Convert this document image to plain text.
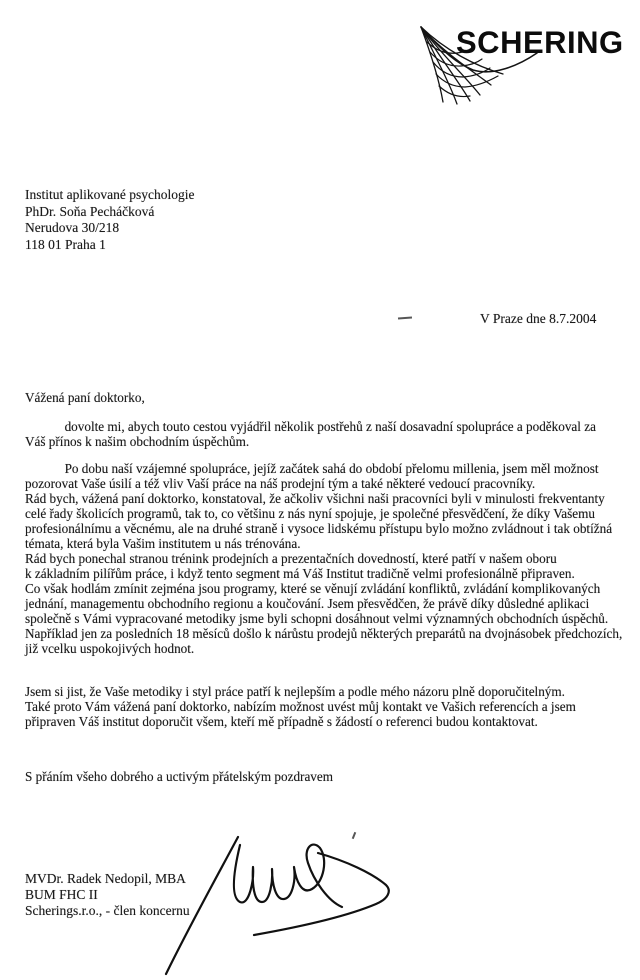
SCHERING
Institut aplikované psychologie
PhDr. Soňa Pecháčková
Nerudova 30/218
118 01 Praha 1
V Praze dne 8.7.2004
Vážená paní doktorko,
dovolte mi, abych touto cestou vyjádřil několik postřehů z naší dosavadní spolupráce a poděkoval za
Váš přínos k našim obchodním úspěchům.
Po dobu naší vzájemné spolupráce, jejíž začátek sahá do období přelomu millenia, jsem měl možnost
pozorovat Vaše úsilí a též vliv Vaší práce na náš prodejní tým a také některé vedoucí pracovníky.
Rád bych, vážená paní doktorko, konstatoval, že ačkoliv všichni naši pracovníci byli v minulosti frekventanty
celé řady školicích programů, tak to, co většinu z nás nyní spojuje, je společné přesvědčení, že díky Vašemu
profesionálnímu a věcnému, ale na druhé straně i vysoce lidskému přístupu bylo možno zvládnout i tak obtížná
témata, která byla Vašim institutem u nás trénována.
Rád bych ponechal stranou trénink prodejních a prezentačních dovedností, které patří v našem oboru
k základním pilířům práce, i když tento segment má Váš Institut tradičně velmi profesionálně připraven.
Co však hodlám zmínit zejména jsou programy, které se věnují zvládání konfliktů, zvládání komplikovaných
jednání, managementu obchodního regionu a koučování. Jsem přesvědčen, že právě díky důsledné aplikaci
společně s Vámi vypracované metodiky jsme byli schopni dosáhnout velmi významných obchodních úspěchů.
Například jen za posledních 18 měsíců došlo k nárůstu prodejů některých preparátů na dvojnásobek předchozích,
již vcelku uspokojivých hodnot.
Jsem si jist, že Vaše metodiky i styl práce patří k nejlepším a podle mého názoru plně doporučitelným.
Také proto Vám vážená paní doktorko, nabízím možnost uvést můj kontakt ve Vašich referencích a jsem
připraven Váš institut doporučit všem, kteří mě případně s žádostí o referenci budou kontaktovat.
S přáním všeho dobrého a uctivým přátelským pozdravem
MVDr. Radek Nedopil, MBA
BUM FHC II
Scherings.r.o., - člen koncernu
